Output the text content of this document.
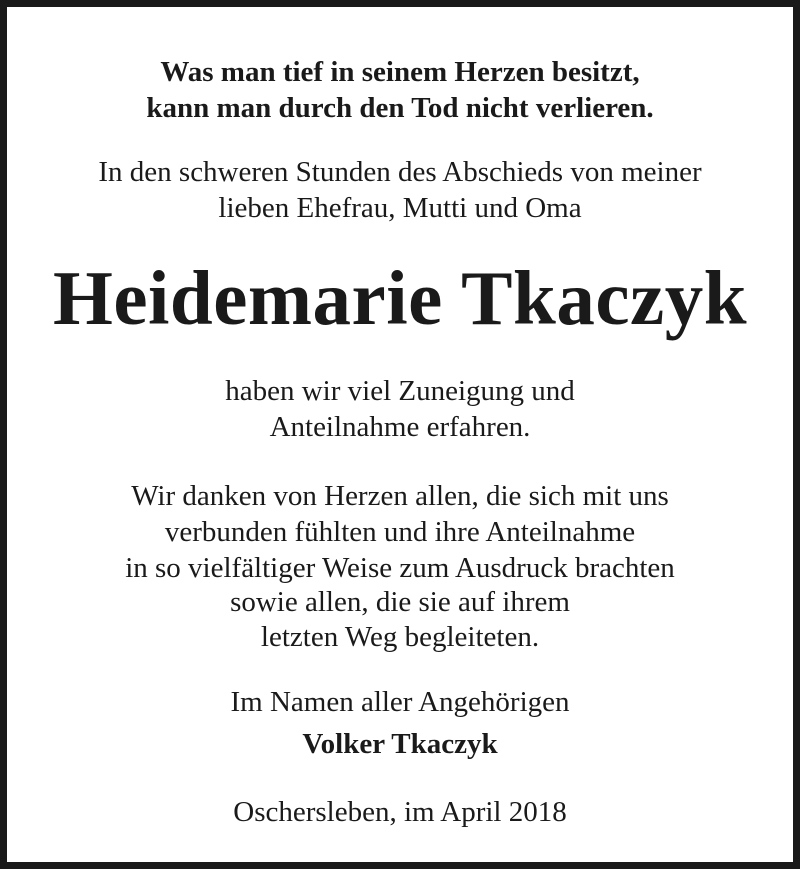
Was man tief in seinem Herzen besitzt,

kann man durch den Tod nicht verlieren.

In den schweren Stunden des Abschieds von meiner

lieben Ehefrau, Mutti und Oma

Heidemarie Tkaczyk

haben wir viel Zuneigung und

Anteilnahme erfahren.

Wir danken von Herzen allen, die sich mit uns

verbunden fühlten und ihre Anteilnahme

in so vielfältiger Weise zum Ausdruck brachten

sowie allen, die sie auf ihrem

letzten Weg begleiteten.

Im Namen aller Angehörigen

Volker Tkaczyk

Oschersleben, im April 2018
